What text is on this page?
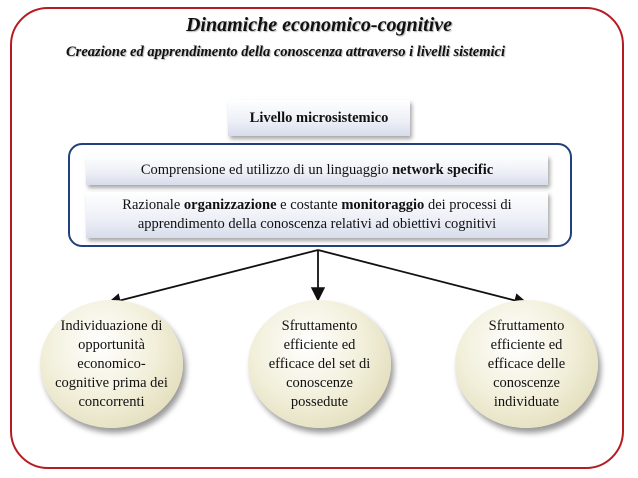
Dinamiche economico-cognitive
Creazione ed apprendimento della conoscenza attraverso i livelli sistemici
Livello microsistemico
Comprensione ed utilizzo di un linguaggio network specific
Razionale organizzazione e costante monitoraggio dei processi di apprendimento della conoscenza relativi ad obiettivi cognitivi
Individuazione di opportunità economico-cognitive prima dei concorrenti
Sfruttamento efficiente ed efficace del set di conoscenze possedute
Sfruttamento efficiente ed efficace delle conoscenze individuate
